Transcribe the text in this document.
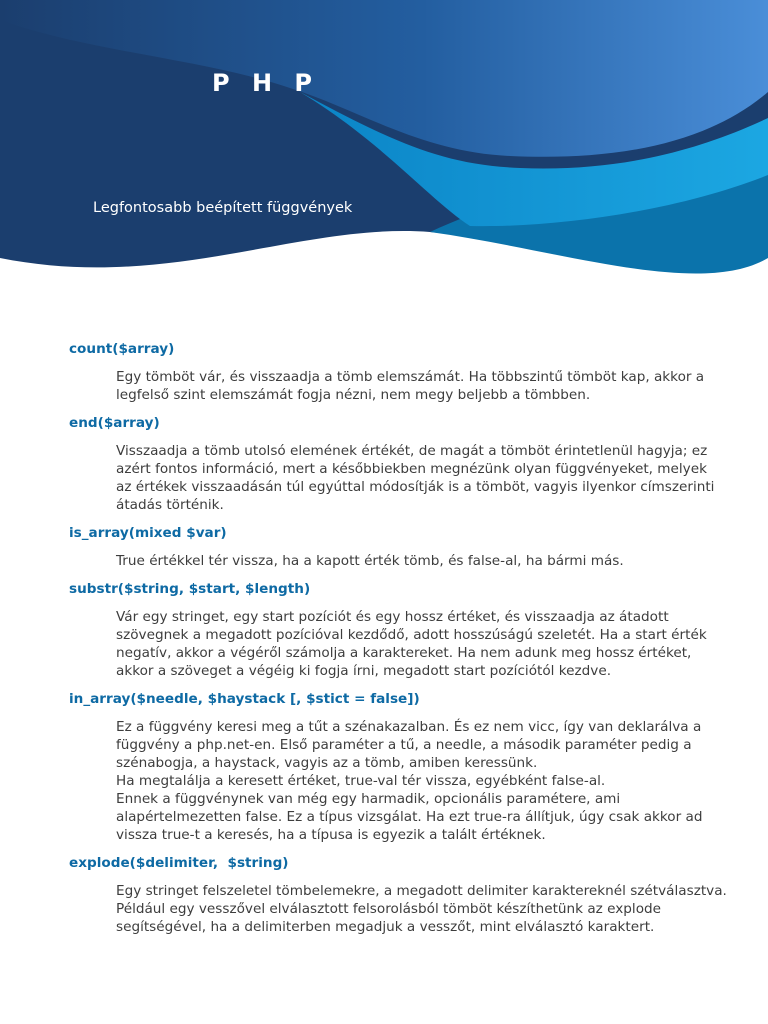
P H P

Legfontosabb beépített függvények

count($array)
Egy tömböt vár, és visszaadja a tömb elemszámát. Ha többszintű tömböt kap, akkor a
legfelső szint elemszámát fogja nézni, nem megy beljebb a tömbben.
end($array)
Visszaadja a tömb utolsó elemének értékét, de magát a tömböt érintetlenül hagyja; ez
azért fontos információ, mert a későbbiekben megnézünk olyan függvényeket, melyek
az értékek visszaadásán túl egyúttal módosítják is a tömböt, vagyis ilyenkor címszerinti
átadás történik.
is_array(mixed $var)
True értékkel tér vissza, ha a kapott érték tömb, és false-al, ha bármi más.
substr($string, $start, $length)
Vár egy stringet, egy start pozíciót és egy hossz értéket, és visszaadja az átadott
szövegnek a megadott pozícióval kezdődő, adott hosszúságú szeletét. Ha a start érték
negatív, akkor a végéről számolja a karaktereket. Ha nem adunk meg hossz értéket,
akkor a szöveget a végéig ki fogja írni, megadott start pozíciótól kezdve.
in_array($needle, $haystack [, $stict = false])
Ez a függvény keresi meg a tűt a szénakazalban. És ez nem vicc, így van deklarálva a
függvény a php.net-en. Első paraméter a tű, a needle, a második paraméter pedig a
szénabogja, a haystack, vagyis az a tömb, amiben keressünk.
Ha megtalálja a keresett értéket, true-val tér vissza, egyébként false-al.
Ennek a függvénynek van még egy harmadik, opcionális paramétere, ami
alapértelmezetten false. Ez a típus vizsgálat. Ha ezt true-ra állítjuk, úgy csak akkor ad
vissza true-t a keresés, ha a típusa is egyezik a talált értéknek.
explode($delimiter,  $string)
Egy stringet felszeletel tömbelemekre, a megadott delimiter karaktereknél szétválasztva.
Például egy vesszővel elválasztott felsorolásból tömböt készíthetünk az explode
segítségével, ha a delimiterben megadjuk a vesszőt, mint elválasztó karaktert.
